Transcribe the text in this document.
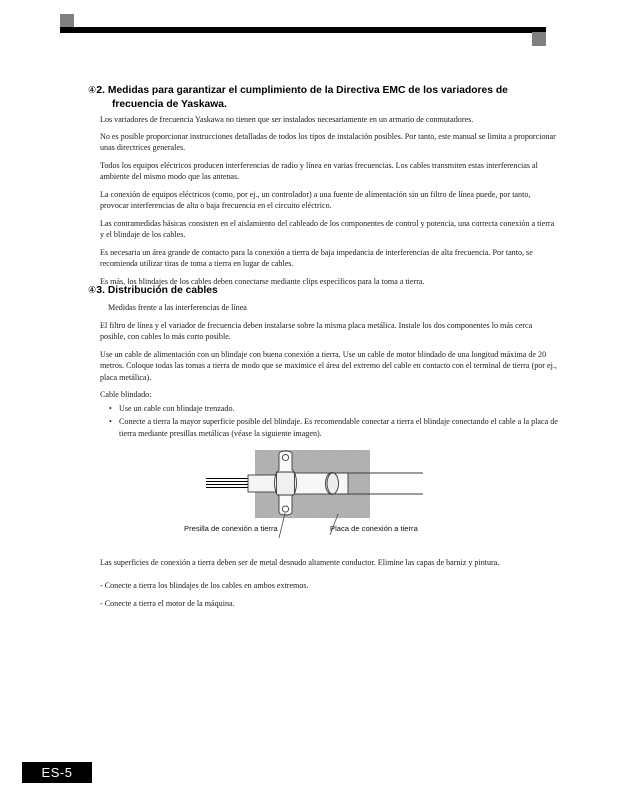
④2. Medidas para garantizar el cumplimiento de la Directiva EMC de los variadores de
frecuencia de Yaskawa.
Los variadores de frecuencia Yaskawa no tienen que ser instalados necesariamente en un armario de conmutadores.
No es posible proporcionar instrucciones detalladas de todos los tipos de instalación posibles. Por tanto, este manual se limita a proporcionar unas directrices generales.
Todos los equipos eléctricos producen interferencias de radio y línea en varias frecuencias. Los cables transmiten estas interferencias al ambiente del mismo modo que las antenas.
La conexión de equipos eléctricos (como, por ej., un controlador) a una fuente de alimentación sin un filtro de línea puede, por tanto, provocar interferencias de alta o baja frecuencia en el circuito eléctrico.
Las contramedidas básicas consisten en el aislamiento del cableado de los componentes de control y potencia, una correcta conexión a tierra y el blindaje de los cables.
Es necesaria un área grande de contacto para la conexión a tierra de baja impedancia de interferencias de alta frecuencia. Por tanto, se recomienda utilizar tiras de toma a tierra en lugar de cables.
Es más, los blindajes de los cables deben conectarse mediante clips específicos para la toma a tierra.
④3. Distribución de cables
Medidas frente a las interferencias de línea
El filtro de línea y el variador de frecuencia deben instalarse sobre la misma placa metálica. Instale los dos componentes lo más cerca posible, con cables lo más corto posible.
Use un cable de alimentación con un blindaje con buena conexión a tierra. Use un cable de motor blindado de una longitud máxima de 20 metros. Coloque todas las tomas a tierra de modo que se maximice el área del extremo del cable en contacto con el terminal de tierra (por ej., placa metálica).
Cable blindado:
• Use un cable con blindaje trenzado.
• Conecte a tierra la mayor superficie posible del blindaje. Es recomendable conectar a tierra el blindaje conectando el cable a la placa de tierra mediante presillas metálicas (véase la siguiente imagen).
Presilla de conexión a tierra	Placa de conexión a tierra
Las superficies de conexión a tierra deben ser de metal desnudo altamente conductor. Elimine las capas de barniz y pintura.
- Conecte a tierra los blindajes de los cables en ambos extremos.
- Conecte a tierra el motor de la máquina.
ES-5
